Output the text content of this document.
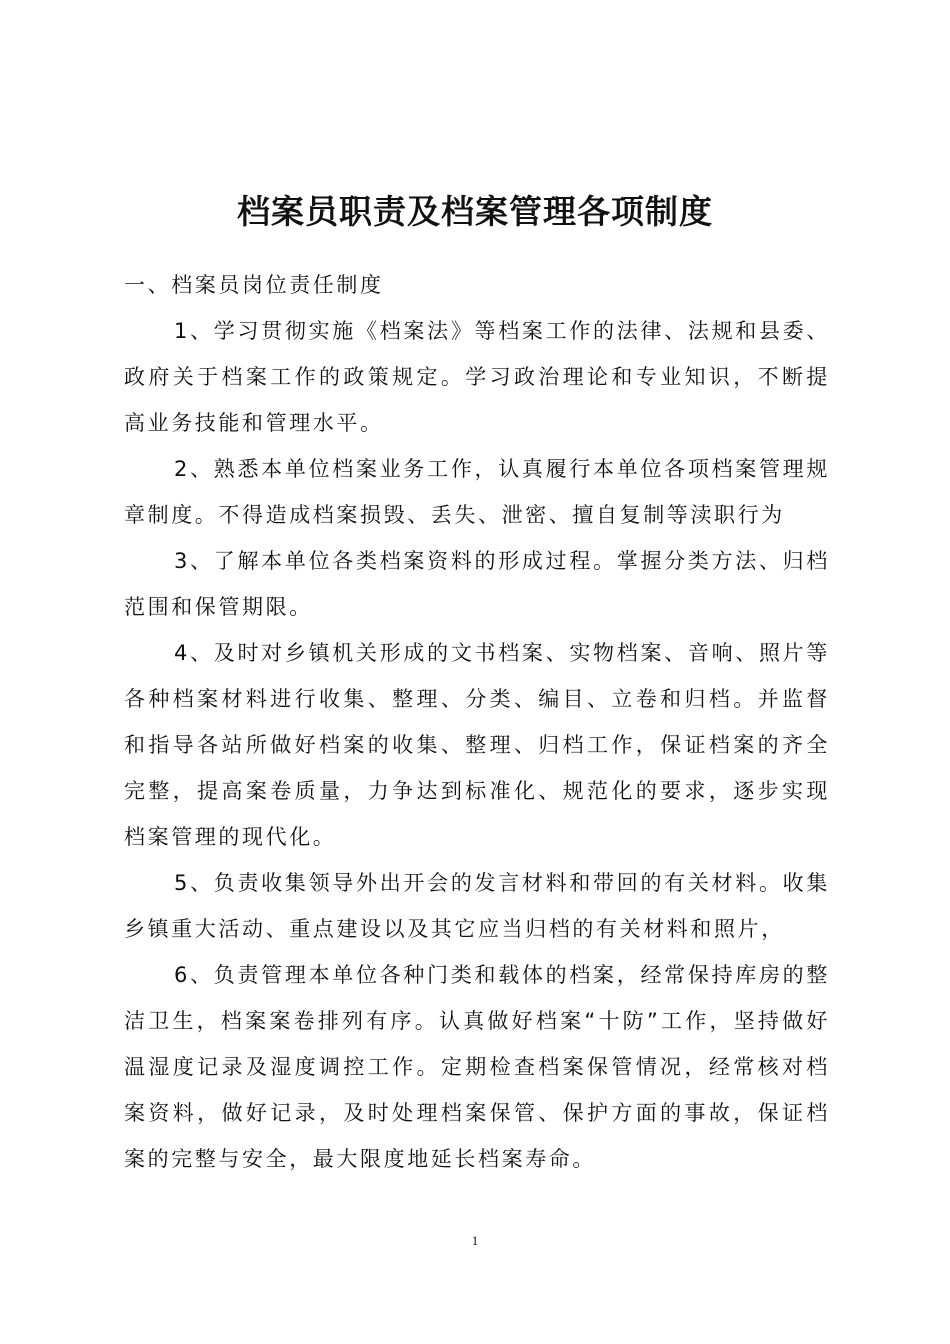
档案员职责及档案管理各项制度

一、档案员岗位责任制度

1、学习贯彻实施《档案法》等档案工作的法律、法规和县委、政府关于档案工作的政策规定。学习政治理论和专业知识，不断提高业务技能和管理水平。

2、熟悉本单位档案业务工作，认真履行本单位各项档案管理规章制度。不得造成档案损毁、丢失、泄密、擅自复制等渎职行为

3、了解本单位各类档案资料的形成过程。掌握分类方法、归档范围和保管期限。

4、及时对乡镇机关形成的文书档案、实物档案、音响、照片等各种档案材料进行收集、整理、分类、编目、立卷和归档。并监督和指导各站所做好档案的收集、整理、归档工作，保证档案的齐全完整，提高案卷质量，力争达到标准化、规范化的要求，逐步实现档案管理的现代化。

5、负责收集领导外出开会的发言材料和带回的有关材料。收集乡镇重大活动、重点建设以及其它应当归档的有关材料和照片，

6、负责管理本单位各种门类和载体的档案，经常保持库房的整洁卫生，档案案卷排列有序。认真做好档案“十防”工作，坚持做好温湿度记录及湿度调控工作。定期检查档案保管情况，经常核对档案资料，做好记录，及时处理档案保管、保护方面的事故，保证档案的完整与安全，最大限度地延长档案寿命。

1
